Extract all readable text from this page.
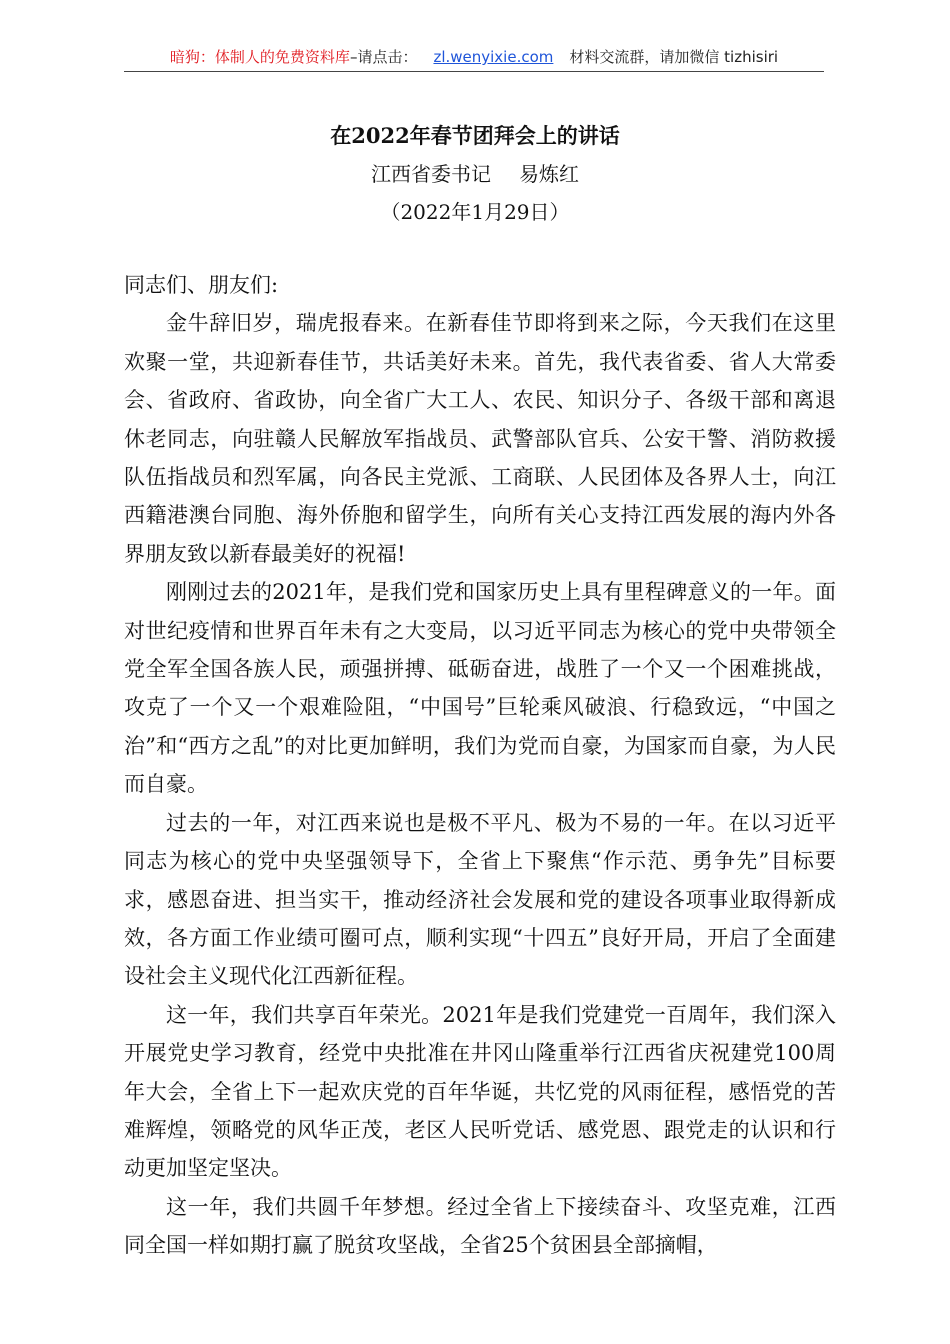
暗狗：体制人的免费资料库–请点击： zl.wenyixie.com 材料交流群，请加微信 tizhisiri
在2022年春节团拜会上的讲话
江西省委书记 易炼红
（2022年1月29日）

同志们、朋友们:

金牛辞旧岁，瑞虎报春来。在新春佳节即将到来之际，今天我们在这里欢聚一堂，共迎新春佳节，共话美好未来。首先，我代表省委、省人大常委会、省政府、省政协，向全省广大工人、农民、知识分子、各级干部和离退休老同志，向驻赣人民解放军指战员、武警部队官兵、公安干警、消防救援队伍指战员和烈军属，向各民主党派、工商联、人民团体及各界人士，向江西籍港澳台同胞、海外侨胞和留学生，向所有关心支持江西发展的海内外各界朋友致以新春最美好的祝福!

刚刚过去的2021年，是我们党和国家历史上具有里程碑意义的一年。面对世纪疫情和世界百年未有之大变局，以习近平同志为核心的党中央带领全党全军全国各族人民，顽强拼搏、砥砺奋进，战胜了一个又一个困难挑战，攻克了一个又一个艰难险阻，“中国号”巨轮乘风破浪、行稳致远，“中国之治”和“西方之乱”的对比更加鲜明，我们为党而自豪，为国家而自豪，为人民而自豪。

过去的一年，对江西来说也是极不平凡、极为不易的一年。在以习近平同志为核心的党中央坚强领导下，全省上下聚焦“作示范、勇争先”目标要求，感恩奋进、担当实干，推动经济社会发展和党的建设各项事业取得新成效，各方面工作业绩可圈可点，顺利实现“十四五”良好开局，开启了全面建设社会主义现代化江西新征程。

这一年，我们共享百年荣光。2021年是我们党建党一百周年，我们深入开展党史学习教育，经党中央批准在井冈山隆重举行江西省庆祝建党100周年大会，全省上下一起欢庆党的百年华诞，共忆党的风雨征程，感悟党的苦难辉煌，领略党的风华正茂，老区人民听党话、感党恩、跟党走的认识和行动更加坚定坚决。

这一年，我们共圆千年梦想。经过全省上下接续奋斗、攻坚克难，江西同全国一样如期打赢了脱贫攻坚战，全省25个贫困县全部摘帽，
